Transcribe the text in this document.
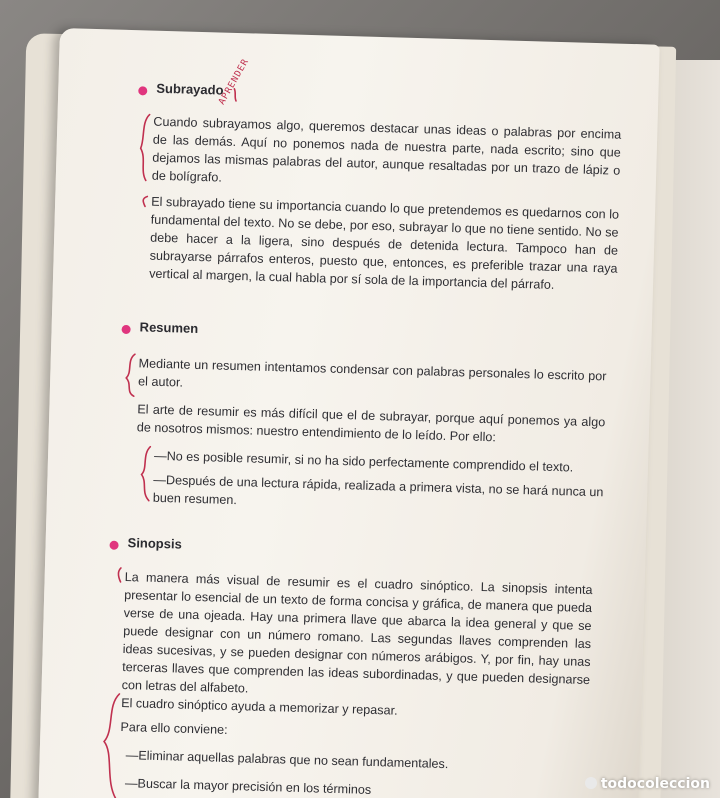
Subrayado
APRENDER
Cuando subrayamos algo, queremos destacar unas ideas o palabras por encima de las demás. Aquí no ponemos nada de nuestra parte, nada escrito; sino que dejamos las mismas palabras del autor, aunque resaltadas por un trazo de lápiz o de bolígrafo.
El subrayado tiene su importancia cuando lo que pretendemos es quedarnos con lo fundamental del texto. No se debe, por eso, subrayar lo que no tiene sentido. No se debe hacer a la ligera, sino después de detenida lectura. Tampoco han de subrayarse párrafos enteros, puesto que, entonces, es preferible trazar una raya vertical al margen, la cual habla por sí sola de la importancia del párrafo.
Resumen
Mediante un resumen intentamos condensar con palabras personales lo escrito por el autor.
El arte de resumir es más difícil que el de subrayar, porque aquí ponemos ya algo de nosotros mismos: nuestro entendimiento de lo leído. Por ello:
—No es posible resumir, si no ha sido perfectamente comprendido el texto.
—Después de una lectura rápida, realizada a primera vista, no se hará nunca un buen resumen.
Sinopsis
La manera más visual de resumir es el cuadro sinóptico. La sinopsis intenta presentar lo esencial de un texto de forma concisa y gráfica, de manera que pueda verse de una ojeada. Hay una primera llave que abarca la idea general y que se puede designar con un número romano. Las segundas llaves comprenden las ideas sucesivas, y se pueden designar con números arábigos. Y, por fin, hay unas terceras llaves que comprenden las ideas subordinadas, y que pueden designarse con letras del alfabeto.
El cuadro sinóptico ayuda a memorizar y repasar.
Para ello conviene:
—Eliminar aquellas palabras que no sean fundamentales.
—Buscar la mayor precisión en los términos	todocoleccion
